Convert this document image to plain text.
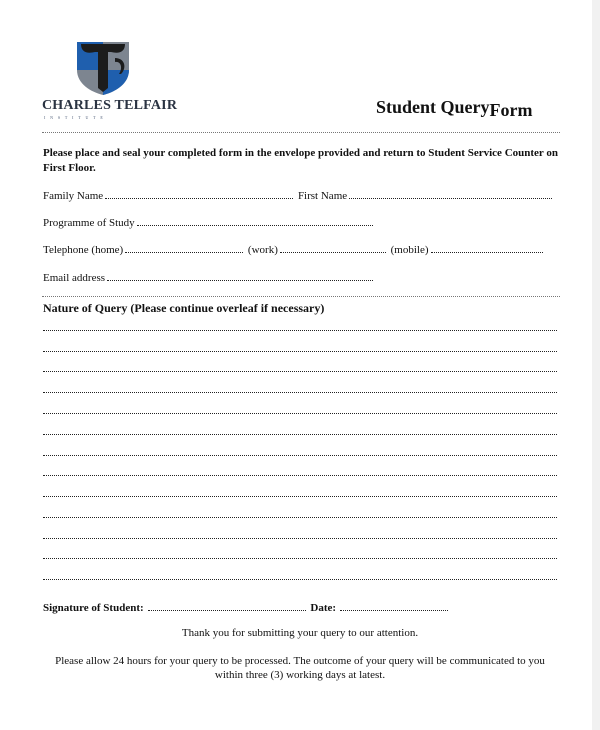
CHARLES TELFAIR
INSTITUTE
Student QueryForm
Please place and seal your completed form in the envelope provided and return to Student Service Counter on First Floor.
Family Name	First Name
Programme of Study
Telephone (home)	(work)	(mobile)
Email address
Nature of Query (Please continue overleaf if necessary)
Signature of Student:	Date:
Thank you for submitting your query to our attention.
Please allow 24 hours for your query to be processed. The outcome of your query will be communicated to you within three (3) working days at latest.
